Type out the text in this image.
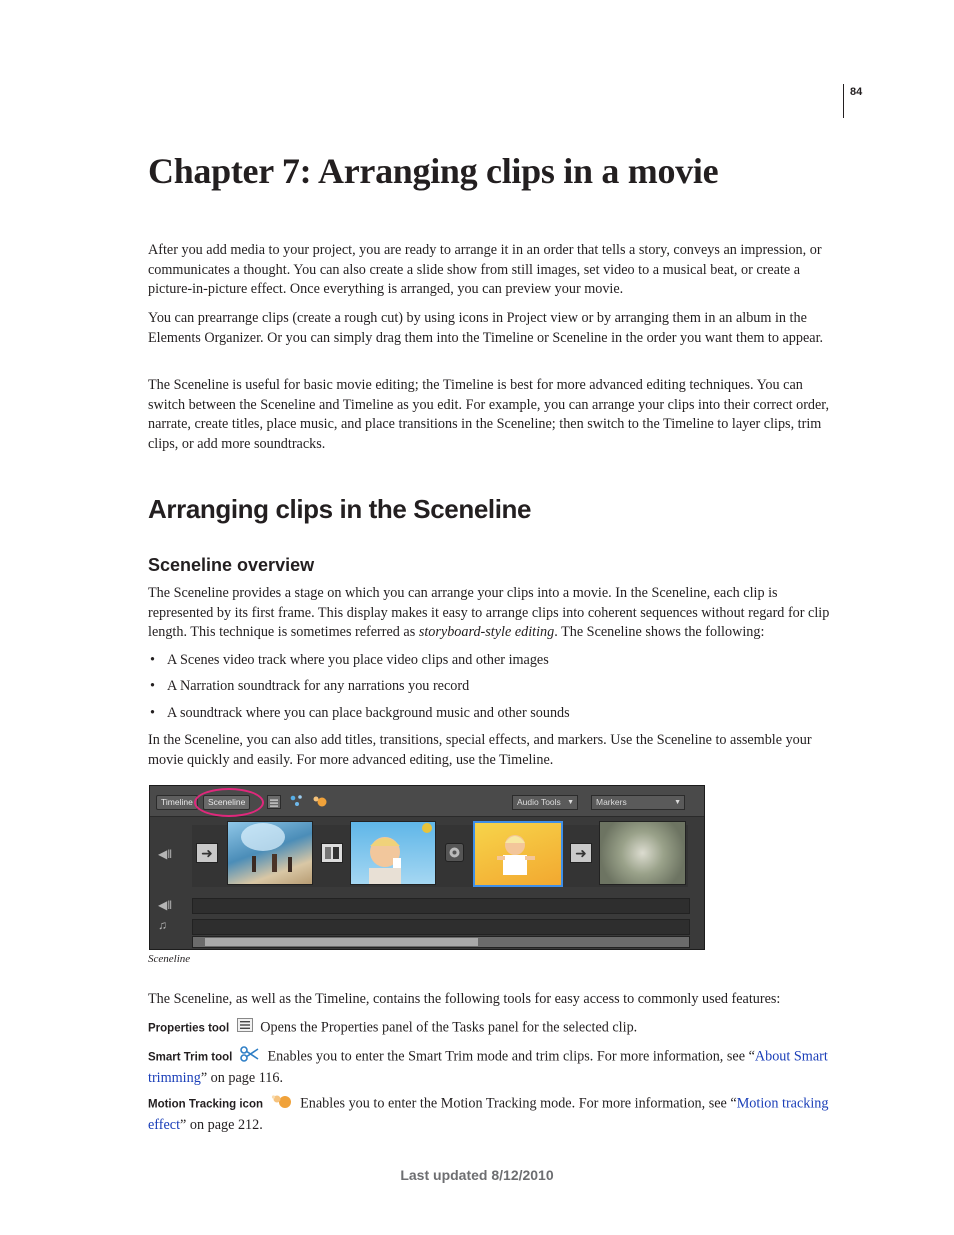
84
Chapter 7: Arranging clips in a movie

After you add media to your project, you are ready to arrange it in an order that tells a story, conveys an impression, or communicates a thought. You can also create a slide show from still images, set video to a musical beat, or create a picture-in-picture effect. Once everything is arranged, you can preview your movie.

You can prearrange clips (create a rough cut) by using icons in Project view or by arranging them in an album in the Elements Organizer. Or you can simply drag them into the Timeline or Sceneline in the order you want them to appear.

The Sceneline is useful for basic movie editing; the Timeline is best for more advanced editing techniques. You can switch between the Sceneline and Timeline as you edit. For example, you can arrange your clips into their correct order, narrate, create titles, place music, and place transitions in the Sceneline; then switch to the Timeline to layer clips, trim clips, or add more soundtracks.

Arranging clips in the Sceneline
Sceneline overview

The Sceneline provides a stage on which you can arrange your clips into a movie. In the Sceneline, each clip is represented by its first frame. This display makes it easy to arrange clips into coherent sequences without regard for clip length. This technique is sometimes referred as storyboard-style editing. The Sceneline shows the following:

• A Scenes video track where you place video clips and other images
• A Narration soundtrack for any narrations you record
• A soundtrack where you can place background music and other sounds

In the Sceneline, you can also add titles, transitions, special effects, and markers. Use the Sceneline to assemble your movie quickly and easily. For more advanced editing, use the Timeline.

Timeline	Sceneline	Audio Tools ▼	Markers	▼
◀ǁ	➜	➜
◀ǁ
♫
Sceneline

The Sceneline, as well as the Timeline, contains the following tools for easy access to commonly used features:

Properties tool Opens the Properties panel of the Tasks panel for the selected clip.

Smart Trim tool Enables you to enter the Smart Trim mode and trim clips. For more information, see “About Smart trimming” on page 116.

Motion Tracking icon	Enables you to enter the Motion Tracking mode. For more information, see “Motion tracking effect” on page 212.

Last updated 8/12/2010
